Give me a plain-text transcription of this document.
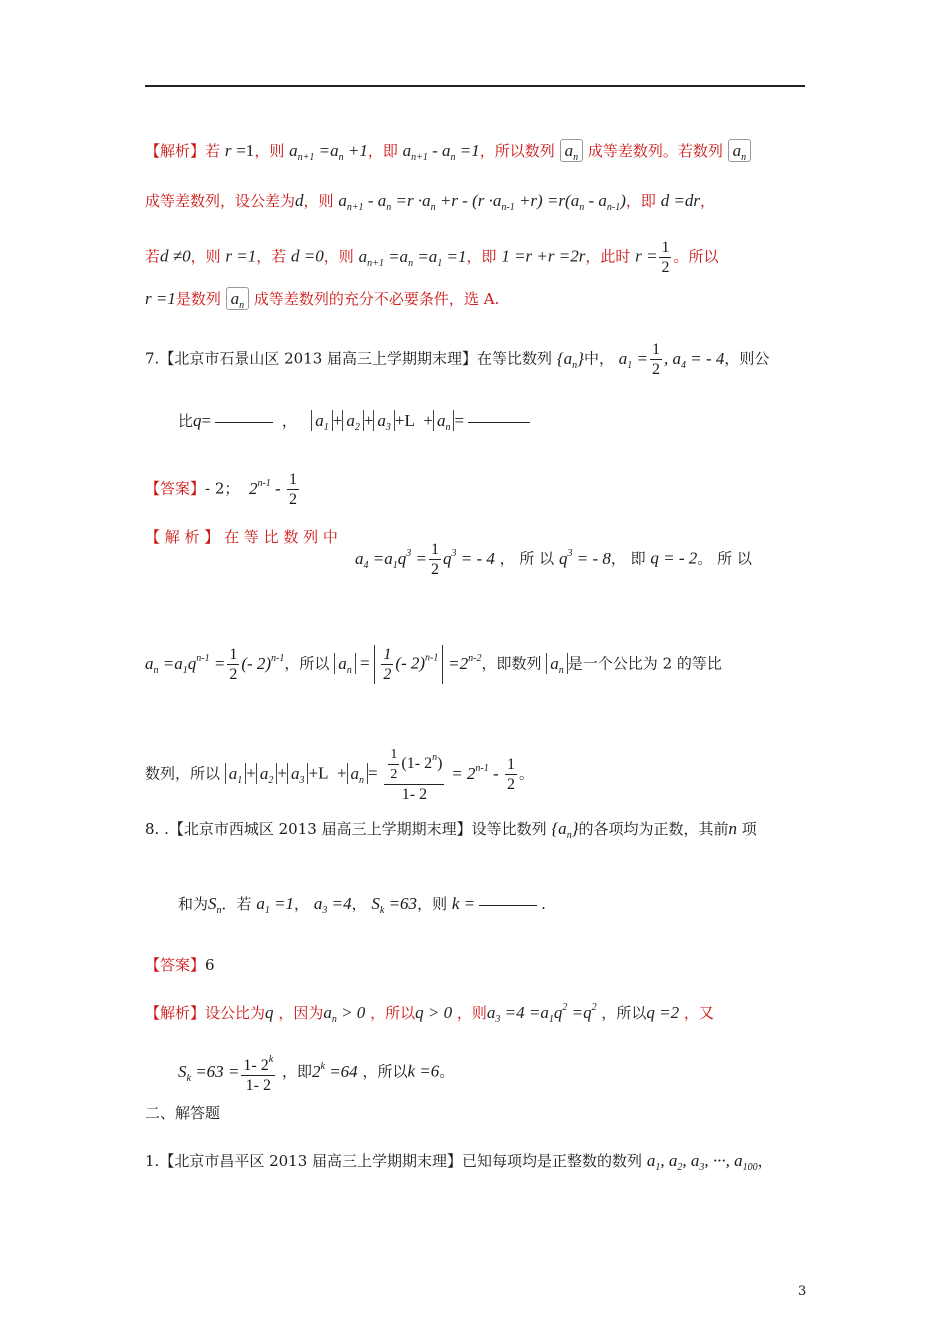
【解析】若 r =1，则 $a_{n+1} =a_n +1$，即 $a_{n+1} - a_n =1$，所以数列 $a_n$ 成等差数列。若数列 $a_n$
成等差数列，设公差为d，则 $a_{n+1} - a_n =r \cdot a_n +r - (r \cdot a_{n-1} +r) =r(a_n - a_{n-1})$，即 d =dr，
若d ≠0，则 r =1，若 d =0，则 $a_{n+1} =a_n =a_1 =1$，即 1 =r +r =2r，此时 $r = \frac{1}{2}$ 。所以
r =1是数列 $a_n$ 成等差数列的充分不必要条件，选 A.
7.【北京市石景山区 2013 届高三上学期期末理】在等比数列 $\{a_n\}$中， $a_1 = \frac{1}{2}$ , $a_4$ = - 4，则公
比q=	， $a_1 + a_2 + a_3 +L + a_n$ =
【答案】- 2； $2^{n-1} - \frac{1}{2}$
【 解 析 】 在 等 比 数 列 中
$a_4 =a_1q^3 = \frac{1}{2} q^3$ = - 4 ， 所 以 $q^3$ = - 8， 即 q = - 2。 所 以
$a_n =a_1q^{n-1} = \frac{1}{2}$ (- 2)$^{n-1}$，所以 $a_n = \frac{1}{2}$ (- $2)^{n-1} =2^{n-2}$，即数列 $a_n$ 是一个公比为 2 的等比
数列，所以 $a_1 + a_2 + a_3 +L + a_n = \frac{\frac{1}{2} (1- 2^n)}{1- 2} = 2^{n-1} - \frac{1}{2}$ 。
8. .【北京市西城区 2013 届高三上学期期末理】设等比数列 $\{a_n\}$的各项均为正数，其前n 项
和为$S_n$．若 $a_1 =1$， $a_3 =4$， $S_k =63$，则 k =	.
【答案】6
【解析】设公比为q ，因为$a_n > 0$ ，所以q > 0 ，则$a_3 =4 =a_1q^2 =q^2$ ，所以q =2 ，又
$S_k =63 = \frac{1- 2^k}{1- 2}$ ，即$2^k =64$ ，所以k =6。
二、解答题
1.【北京市昌平区 2013 届高三上学期期末理】已知每项均是正整数的数列 $a_1$, $a_2$, $a_3$, ···, $a_{100}$，
3
